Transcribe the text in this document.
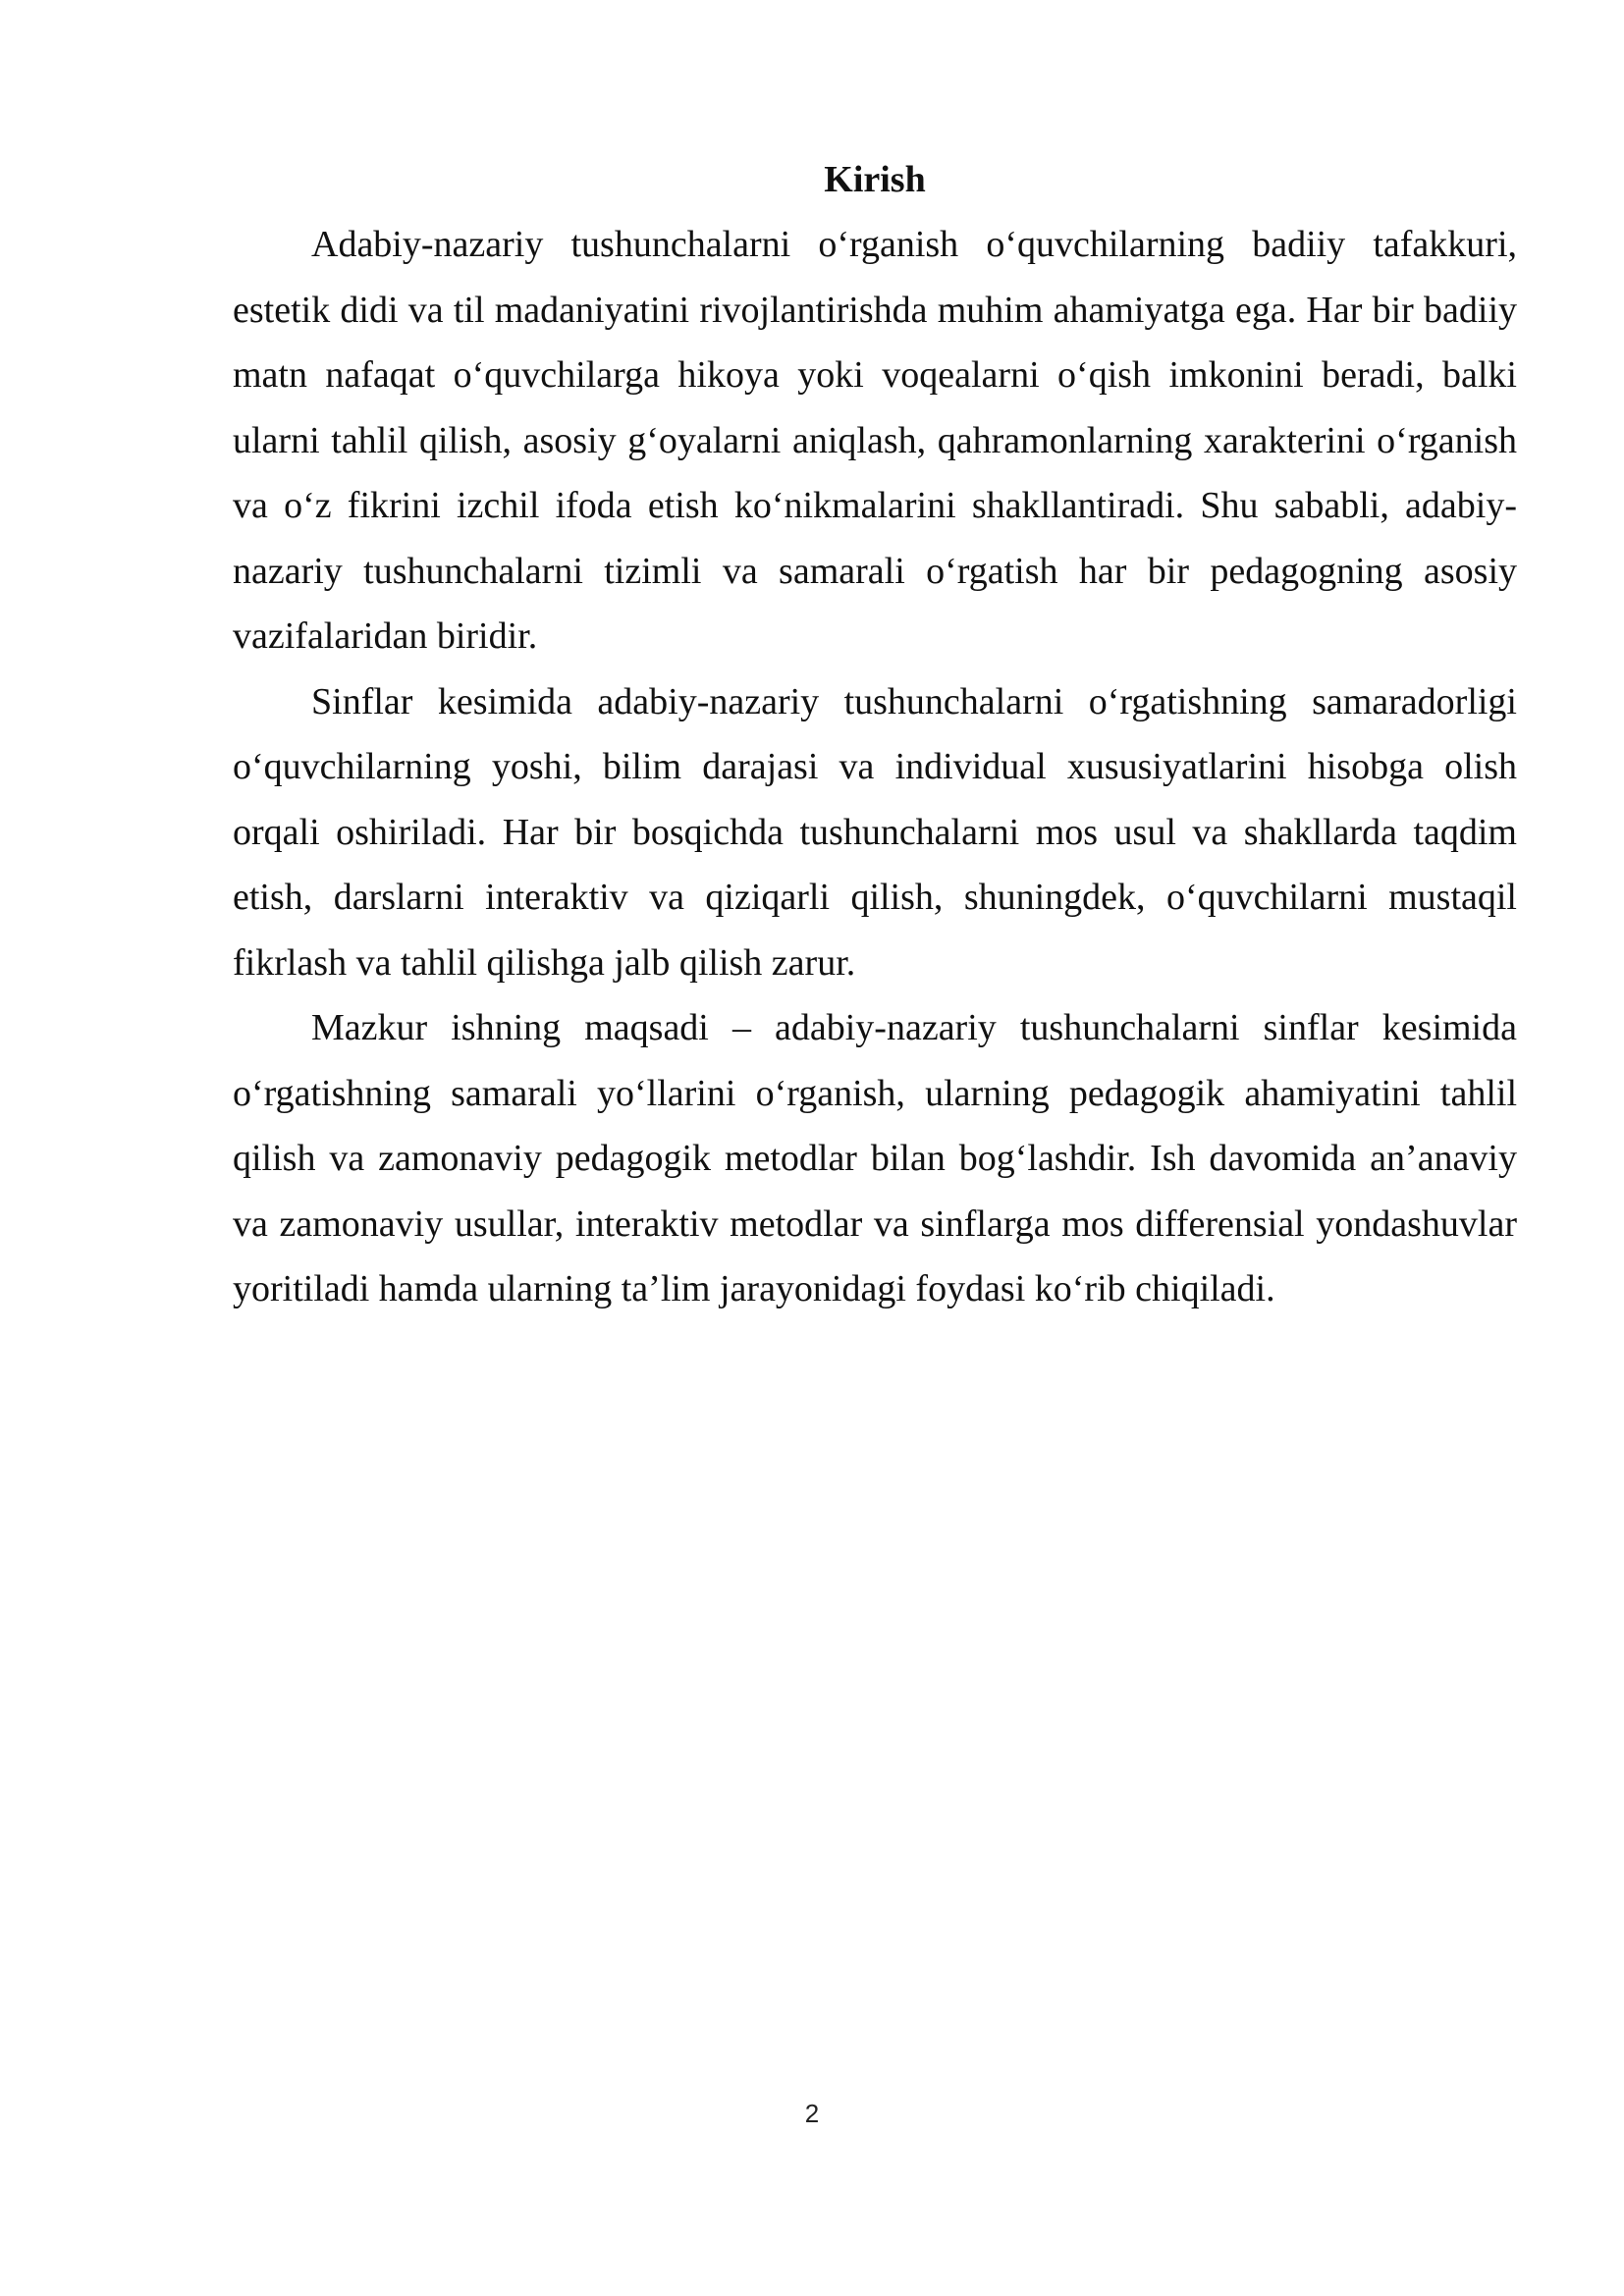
Kirish

Adabiy-nazariy tushunchalarni o‘rganish o‘quvchilarning badiiy tafakkuri, estetik didi va til madaniyatini rivojlantirishda muhim ahamiyatga ega. Har bir badiiy matn nafaqat o‘quvchilarga hikoya yoki voqealarni o‘qish imkonini beradi, balki ularni tahlil qilish, asosiy g‘oyalarni aniqlash, qahramonlarning xarakterini o‘rganish va o‘z fikrini izchil ifoda etish ko‘nikmalarini shakllantiradi. Shu sababli, adabiy-nazariy tushunchalarni tizimli va samarali o‘rgatish har bir pedagogning asosiy vazifalaridan biridir.

Sinflar kesimida adabiy-nazariy tushunchalarni o‘rgatishning samaradorligi o‘quvchilarning yoshi, bilim darajasi va individual xususiyatlarini hisobga olish orqali oshiriladi. Har bir bosqichda tushunchalarni mos usul va shakllarda taqdim etish, darslarni interaktiv va qiziqarli qilish, shuningdek, o‘quvchilarni mustaqil fikrlash va tahlil qilishga jalb qilish zarur.

Mazkur ishning maqsadi – adabiy-nazariy tushunchalarni sinflar kesimida o‘rgatishning samarali yo‘llarini o‘rganish, ularning pedagogik ahamiyatini tahlil qilish va zamonaviy pedagogik metodlar bilan bog‘lashdir. Ish davomida an’anaviy va zamonaviy usullar, interaktiv metodlar va sinflarga mos differensial yondashuvlar yoritiladi hamda ularning ta’lim jarayonidagi foydasi ko‘rib chiqiladi.

2
